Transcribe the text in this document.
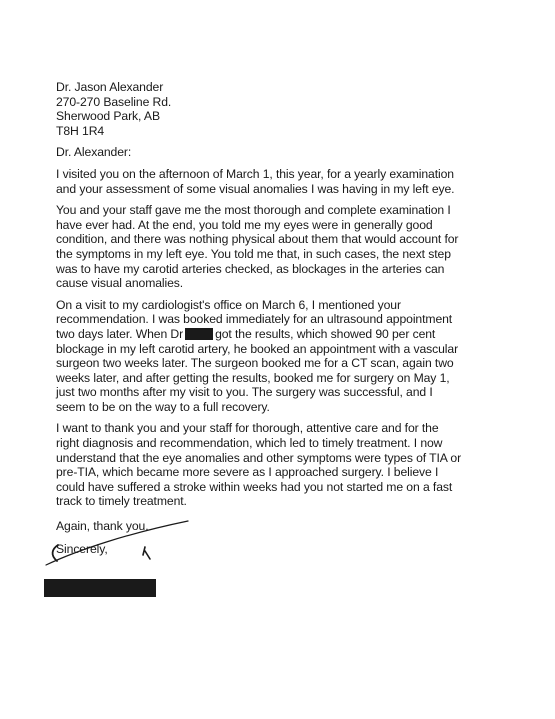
Dr. Jason Alexander
270-270 Baseline Rd.
Sherwood Park, AB
T8H 1R4
Dr. Alexander:
I visited you on the afternoon of March 1, this year, for a yearly examination
and your assessment of some visual anomalies I was having in my left eye.
You and your staff gave me the most thorough and complete examination I
have ever had. At the end, you told me my eyes were in generally good
condition, and there was nothing physical about them that would account for
the symptoms in my left eye. You told me that, in such cases, the next step
was to have my carotid arteries checked, as blockages in the arteries can
cause visual anomalies.
On a visit to my cardiologist's office on March 6, I mentioned your
recommendation. I was booked immediately for an ultrasound appointment
two days later. When Dr	got the results, which showed 90 per cent
blockage in my left carotid artery, he booked an appointment with a vascular
surgeon two weeks later. The surgeon booked me for a CT scan, again two
weeks later, and after getting the results, booked me for surgery on May 1,
just two months after my visit to you. The surgery was successful, and I
seem to be on the way to a full recovery.
I want to thank you and your staff for thorough, attentive care and for the
right diagnosis and recommendation, which led to timely treatment. I now
understand that the eye anomalies and other symptoms were types of TIA or
pre-TIA, which became more severe as I approached surgery. I believe I
could have suffered a stroke within weeks had you not started me on a fast
track to timely treatment.
Again, thank you.
Sincerely,
